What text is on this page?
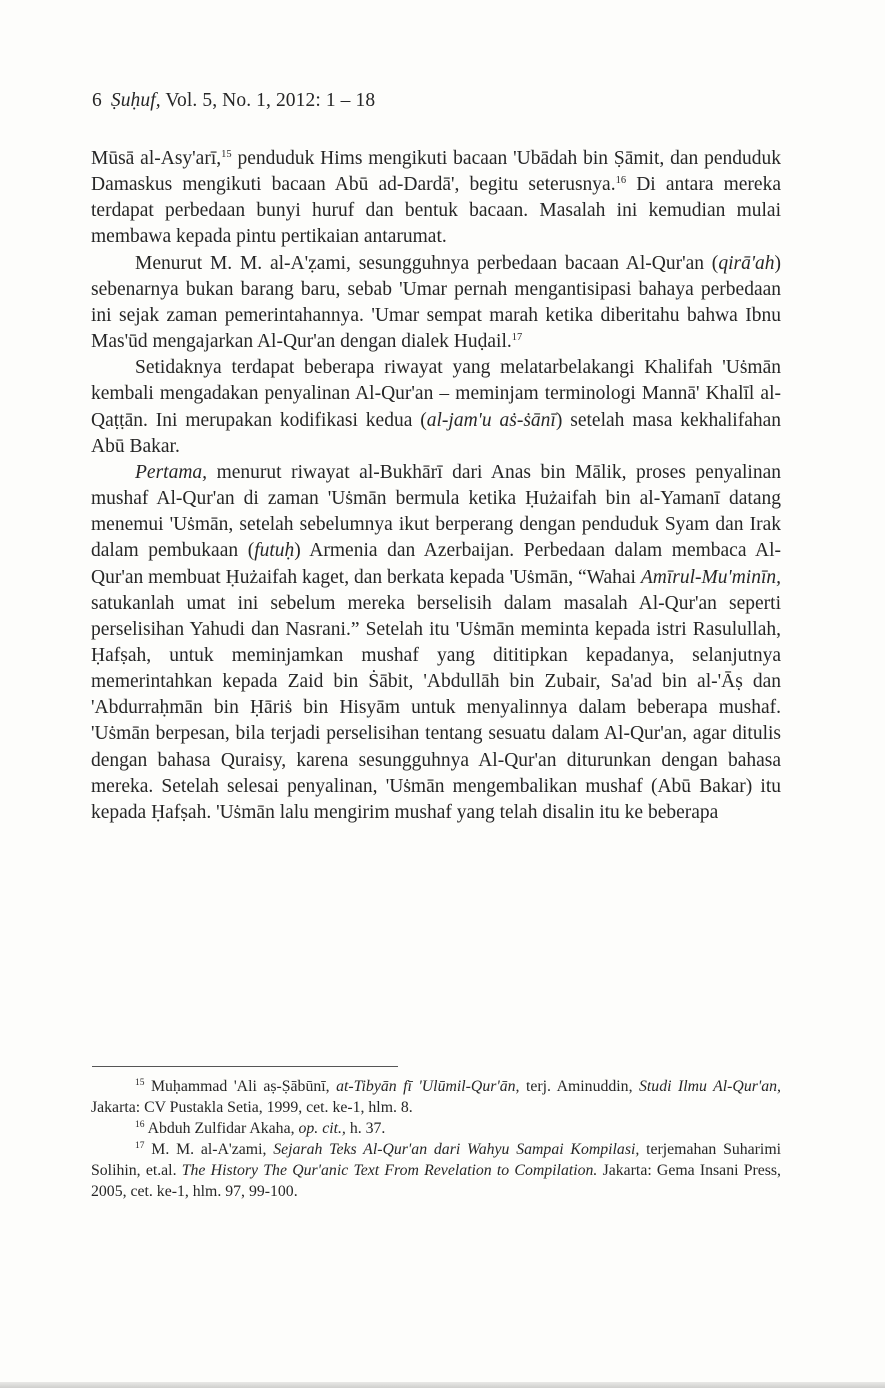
6 Ṣuḥuf, Vol. 5, No. 1, 2012: 1 – 18

Mūsā al-Asy'arī,$^{15}$ penduduk Hims mengikuti bacaan 'Ubādah bin Ṣāmit, dan penduduk Damaskus mengikuti bacaan Abū ad-Dardā', begitu seterusnya.$^{16}$ Di antara mereka terdapat perbedaan bunyi huruf dan bentuk bacaan. Masalah ini kemudian mulai membawa kepada pintu pertikaian antarumat.

Menurut M. M. al-A'ẓami, sesungguhnya perbedaan bacaan Al-Qur'an (qirā'ah) sebenarnya bukan barang baru, sebab 'Umar pernah mengantisipasi bahaya perbedaan ini sejak zaman pemerintahannya. 'Umar sempat marah ketika diberitahu bahwa Ibnu Mas'ūd mengajarkan Al-Qur'an dengan dialek Huḍail.$^{17}$

Setidaknya terdapat beberapa riwayat yang melatarbelakangi Khalifah 'Uṡmān kembali mengadakan penyalinan Al-Qur'an – meminjam terminologi Mannā' Khalīl al-Qaṭṭān. Ini merupakan kodifikasi kedua (al-jam'u aṡ-ṡānī) setelah masa kekhalifahan Abū Bakar.

Pertama, menurut riwayat al-Bukhārī dari Anas bin Mālik, proses penyalinan mushaf Al-Qur'an di zaman 'Uṡmān bermula ketika Ḥużaifah bin al-Yamanī datang menemui 'Uṡmān, setelah sebelumnya ikut berperang dengan penduduk Syam dan Irak dalam pembukaan (futuḥ) Armenia dan Azerbaijan. Perbedaan dalam membaca Al-Qur'an membuat Ḥużaifah kaget, dan berkata kepada 'Uṡmān, “Wahai Amīrul-Mu'minīn, satukanlah umat ini sebelum mereka berselisih dalam masalah Al-Qur'an seperti perselisihan Yahudi dan Nasrani.” Setelah itu 'Uṡmān meminta kepada istri Rasulullah, Ḥafṣah, untuk meminjamkan mushaf yang dititipkan kepadanya, selanjutnya memerintahkan kepada Zaid bin Ṡābit, 'Abdullāh bin Zubair, Sa'ad bin al-'Āṣ dan 'Abdurraḥmān bin Ḥāriṡ bin Hisyām untuk menyalinnya dalam beberapa mushaf. 'Uṡmān berpesan, bila terjadi perselisihan tentang sesuatu dalam Al-Qur'an, agar ditulis dengan bahasa Quraisy, karena sesungguhnya Al-Qur'an diturunkan dengan bahasa mereka. Setelah selesai penyalinan, 'Uṡmān mengembalikan mushaf (Abū Bakar) itu kepada Ḥafṣah. 'Uṡmān lalu mengirim mushaf yang telah disalin itu ke beberapa

$^{15}$ Muḥammad 'Ali aṣ-Ṣābūnī, at-Tibyān fī 'Ulūmil-Qur'ān, terj. Aminuddin, Studi Ilmu Al-Qur'an, Jakarta: CV Pustakla Setia, 1999, cet. ke-1, hlm. 8.

$^{16}$ Abduh Zulfidar Akaha, op. cit., h. 37.

$^{17}$ M. M. al-A'zami, Sejarah Teks Al-Qur'an dari Wahyu Sampai Kompilasi, terjemahan Suharimi Solihin, et.al. The History The Qur'anic Text From Revelation to Compilation. Jakarta: Gema Insani Press, 2005, cet. ke-1, hlm. 97, 99-100.
